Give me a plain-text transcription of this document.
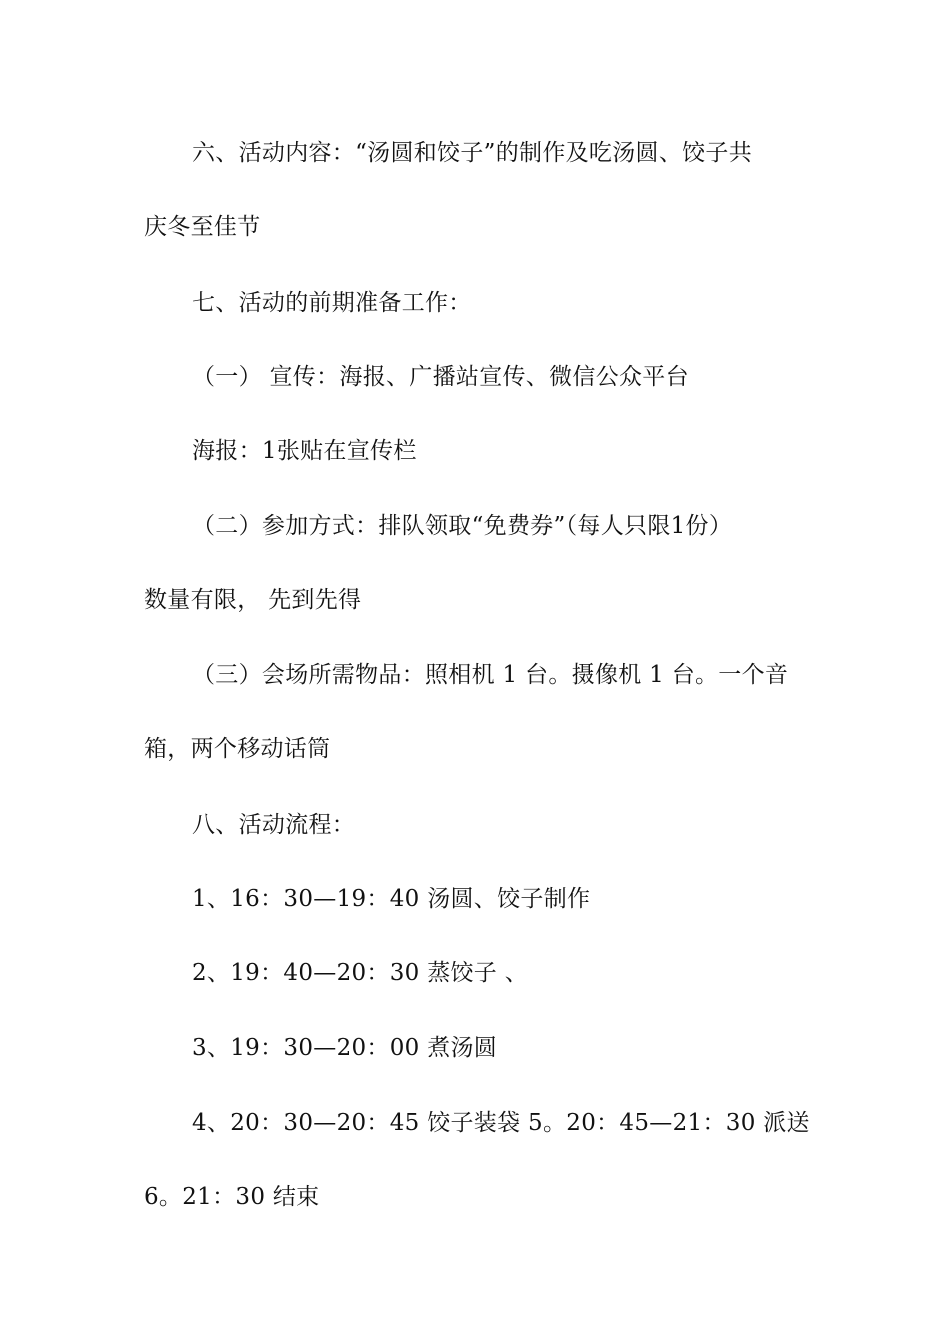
六、活动内容：“汤圆和饺子”的制作及吃汤圆、饺子共
庆冬至佳节
七、活动的前期准备工作：
（一） 宣传：海报、广播站宣传、微信公众平台
海报：1张贴在宣传栏
（二）参加方式：排队领取“免费券”（每人只限1份）
数量有限， 先到先得
（三）会场所需物品：照相机 1 台。摄像机 1 台。一个音
箱，两个移动话筒
八、活动流程：
1、16：30—19：40 汤圆、饺子制作
2、19：40—20：30 蒸饺子 、
3、19：30—20：00 煮汤圆
4、20：30—20：45 饺子装袋 5。20：45—21：30 派送
6。21：30 结束
